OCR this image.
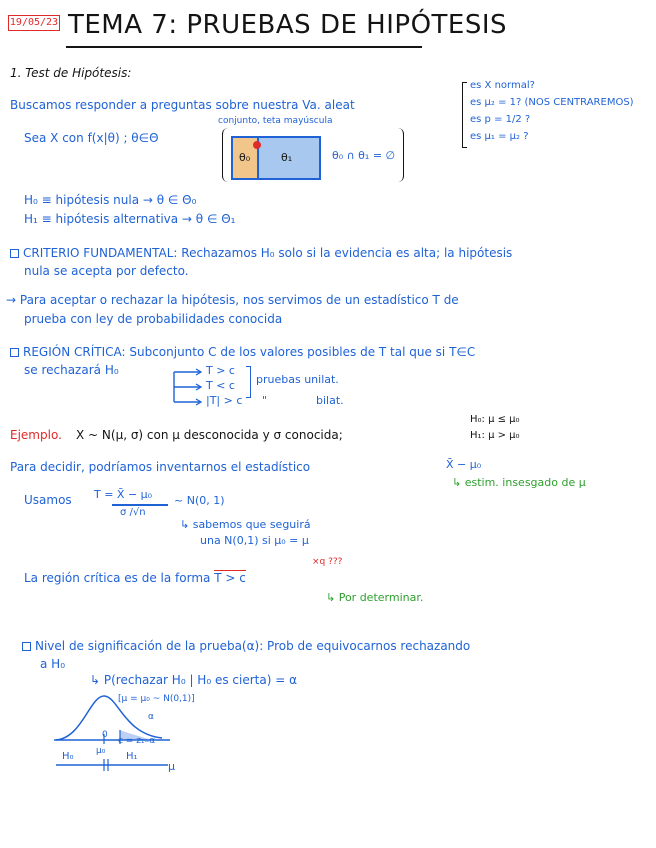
19/05/23 TEMA 7: PRUEBAS DE HIPÓTESIS
1. Test de Hipótesis:
Buscamos responder a preguntas sobre nuestra Va. aleat
es X normal?
es μ₂ = 1? (NOS CENTRAREMOS)
es p = 1/2 ?
es μ₁ = μ₂ ?
conjunto, teta mayúscula
Sea X con f(x|θ) ; θ∈Θ
θ₀	θ₁	θ₀ ∩ θ₁ = ∅
H₀ ≡ hipótesis nula → θ ∈ Θ₀
H₁ ≡ hipótesis alternativa → θ ∈ Θ₁
CRITERIO FUNDAMENTAL: Rechazamos H₀ solo si la evidencia es alta; la hipótesis
nula se acepta por defecto.
→ Para aceptar o rechazar la hipótesis, nos servimos de un estadístico T de
prueba con ley de probabilidades conocida
REGIÓN CRÍTICA: Subconjunto C de los valores posibles de T tal que si T∈C
se rechazará H₀	T > c
T < c
|T| > c
pruebas unilat.
"	bilat.
H₀: μ ≤ μ₀
H₁: μ > μ₀
Ejemplo. X ~ N(μ, σ) con μ desconocida y σ conocida;
Para decidir, podríamos inventarnos el estadístico	X̄ − μ₀
↳ estim. insesgado de μ
Usamos T = X̄ − μ₀
σ /√n
~ N(0, 1)
↳ sabemos que seguirá
una N(0,1) si μ₀ = μ
×q ???
La región crítica es de la forma T > c
↳ Por determinar.
Nivel de significación de la prueba(α): Prob de equivocarnos rechazando
a H₀
↳ P(rechazar H₀ | H₀ es cierta) = α
[μ = μ₀ ~ N(0,1)]
α
0
c = z₁₋α
H₀ μ₀ H₁
μ
